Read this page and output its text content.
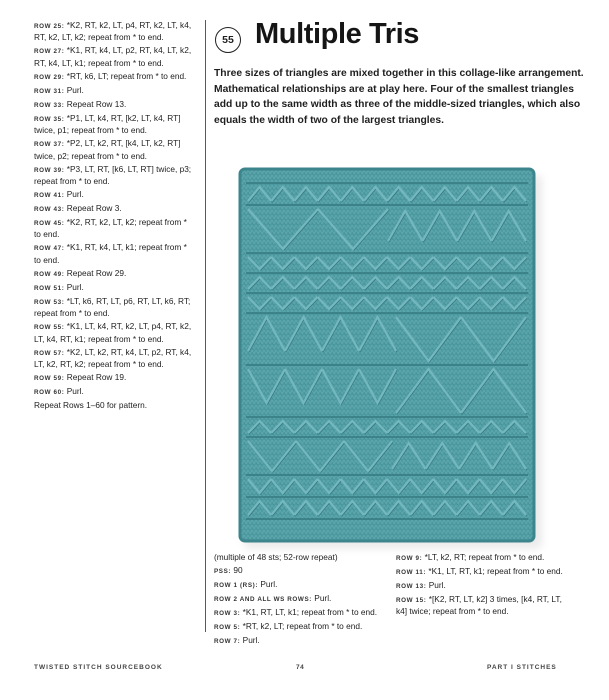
ROW 25: *K2, RT, k2, LT, p4, RT, k2, LT, k4, RT, k2, LT, k2; repeat from * to end.
ROW 27: *K1, RT, k4, LT, p2, RT, k4, LT, k2, RT, k4, LT, k1; repeat from * to end.
ROW 29: *RT, k6, LT; repeat from * to end.
ROW 31: Purl.
ROW 33: Repeat Row 13.
ROW 35: *P1, LT, k4, RT, [k2, LT, k4, RT] twice, p1; repeat from * to end.
ROW 37: *P2, LT, k2, RT, [k4, LT, k2, RT] twice, p2; repeat from * to end.
ROW 39: *P3, LT, RT, [k6, LT, RT] twice, p3; repeat from * to end.
ROW 41: Purl.
ROW 43: Repeat Row 3.
ROW 45: *K2, RT, k2, LT, k2; repeat from * to end.
ROW 47: *K1, RT, k4, LT, k1; repeat from * to end.
ROW 49: Repeat Row 29.
ROW 51: Purl.
ROW 53: *LT, k6, RT, LT, p6, RT, LT, k6, RT; repeat from * to end.
ROW 55: *K1, LT, k4, RT, k2, LT, p4, RT, k2, LT, k4, RT, k1; repeat from * to end.
ROW 57: *K2, LT, k2, RT, k4, LT, p2, RT, k4, LT, k2, RT, k2; repeat from * to end.
ROW 59: Repeat Row 19.
ROW 60: Purl.
Repeat Rows 1–60 for pattern.
55 Multiple Tris

Three sizes of triangles are mixed together in this collage-like arrangement. Mathematical relationships are at play here. Four of the smallest triangles add up to the same width as three of the middle-sized triangles, which also equals the width of two of the largest triangles.

(multiple of 48 sts; 52-row repeat)
PSS: 90
ROW 1 (RS): Purl.
ROW 2 AND ALL WS ROWS: Purl.
ROW 3: *K1, RT, LT, k1; repeat from * to end.
ROW 5: *RT, k2, LT; repeat from * to end.
ROW 7: Purl.
ROW 9: *LT, k2, RT; repeat from * to end.
ROW 11: *K1, LT, RT, k1; repeat from * to end.
ROW 13: Purl.
ROW 15: *[K2, RT, LT, k2] 3 times, [k4, RT, LT, k4] twice; repeat from * to end.
TWISTED STITCH SOURCEBOOK	74	PART I STITCHES
